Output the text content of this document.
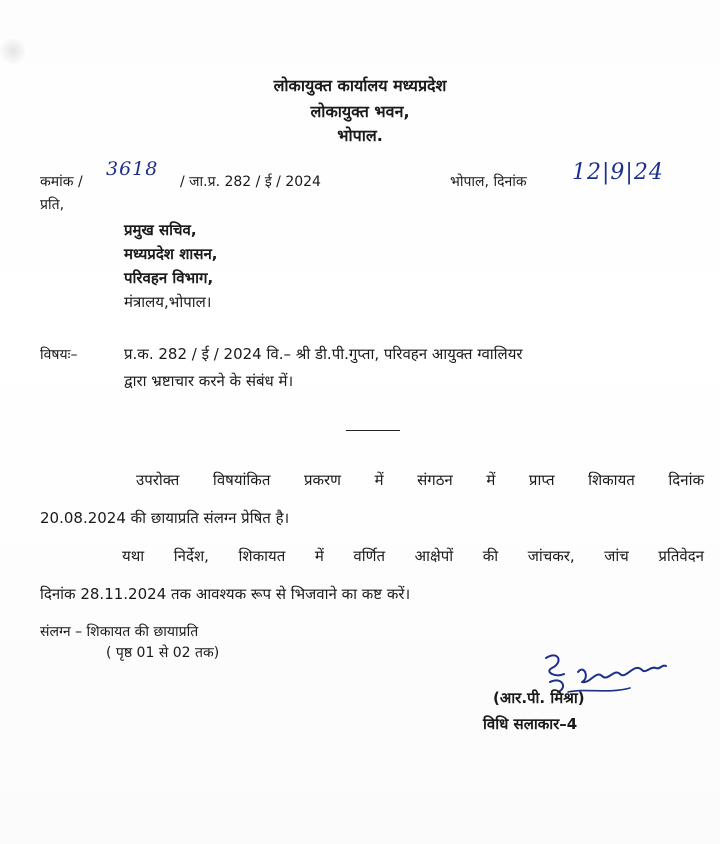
लोकायुक्त कार्यालय मध्यप्रदेश
लोकायुक्त भवन,
भोपाल.
कमांक /
3618
/ जा.प्र. 282 / ई / 2024	भोपाल, दिनांक 12|9|24
प्रति,
प्रमुख सचिव,
मध्यप्रदेश शासन,
परिवहन विभाग,
मंत्रालय,भोपाल।
विषयः–	प्र.क. 282 / ई / 2024 वि.– श्री डी.पी.गुप्ता, परिवहन आयुक्त ग्वालियर
द्वारा भ्रष्टाचार करने के संबंध में।
उपरोक्त विषयांकित प्रकरण में संगठन में प्राप्त शिकायत दिनांक
20.08.2024 की छायाप्रति संलग्न प्रेषित है।
यथा निर्देश, शिकायत में वर्णित आक्षेपों की जांचकर, जांच प्रतिवेदन
दिनांक 28.11.2024 तक आवश्यक रूप से भिजवाने का कष्ट करें।
संलग्न – शिकायत की छायाप्रति
( पृष्ठ 01 से 02 तक)
(आर.पी. मिश्रा)
विधि सलाकार–4
